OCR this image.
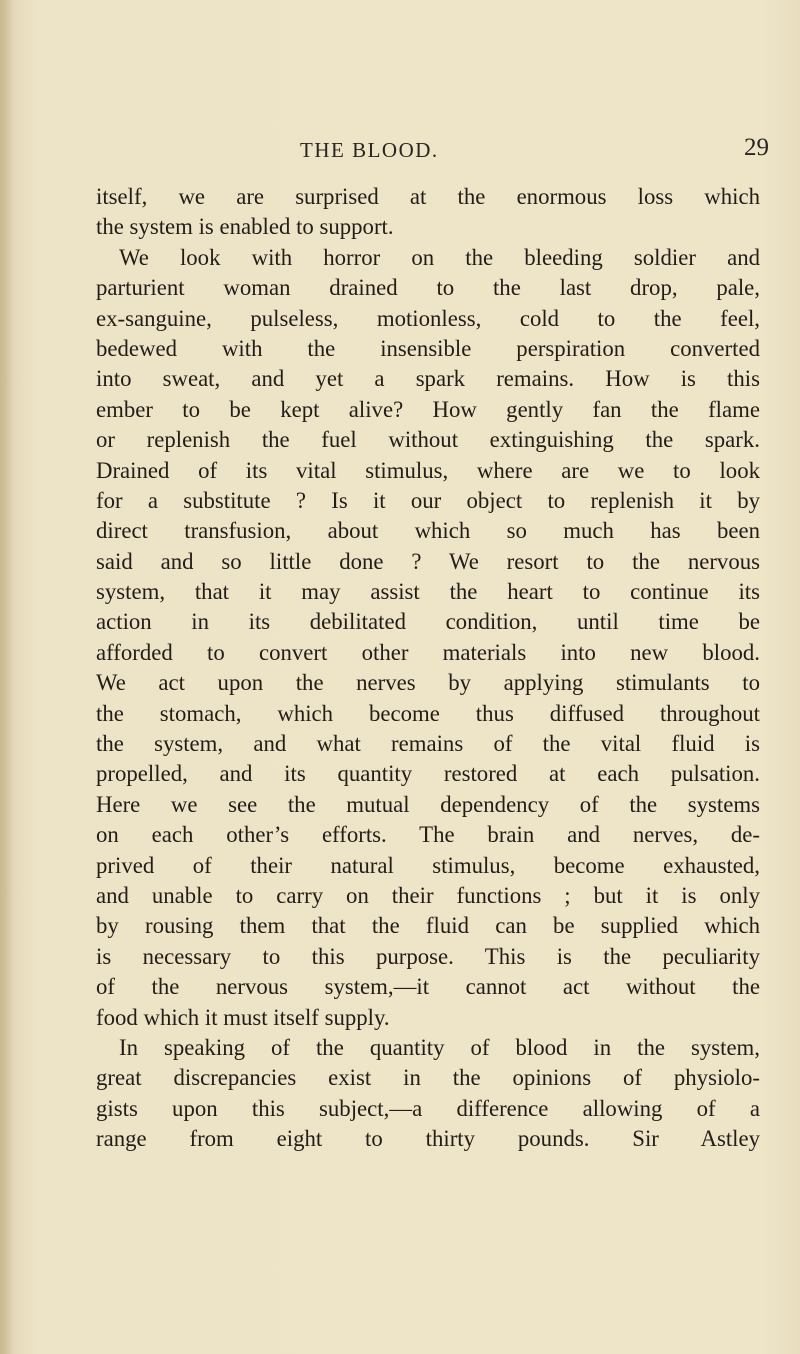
THE BLOOD.	29
itself, we are surprised at the enormous loss which
the system is enabled to support.
We look with horror on the bleeding soldier and
parturient woman drained to the last drop, pale,
ex-sanguine, pulseless, motionless, cold to the feel,
bedewed with the insensible perspiration converted
into sweat, and yet a spark remains. How is this
ember to be kept alive? How gently fan the flame
or replenish the fuel without extinguishing the spark.
Drained of its vital stimulus, where are we to look
for a substitute ? Is it our object to replenish it by
direct transfusion, about which so much has been
said and so little done ? We resort to the nervous
system, that it may assist the heart to continue its
action in its debilitated condition, until time be
afforded to convert other materials into new blood.
We act upon the nerves by applying stimulants to
the stomach, which become thus diffused throughout
the system, and what remains of the vital fluid is
propelled, and its quantity restored at each pulsation.
Here we see the mutual dependency of the systems
on each other’s efforts. The brain and nerves, de-
prived of their natural stimulus, become exhausted,
and unable to carry on their functions ; but it is only
by rousing them that the fluid can be supplied which
is necessary to this purpose. This is the peculiarity
of the nervous system,—it cannot act without the
food which it must itself supply.
In speaking of the quantity of blood in the system,
great discrepancies exist in the opinions of physiolo-
gists upon this subject,—a difference allowing of a
range from eight to thirty pounds. Sir Astley
